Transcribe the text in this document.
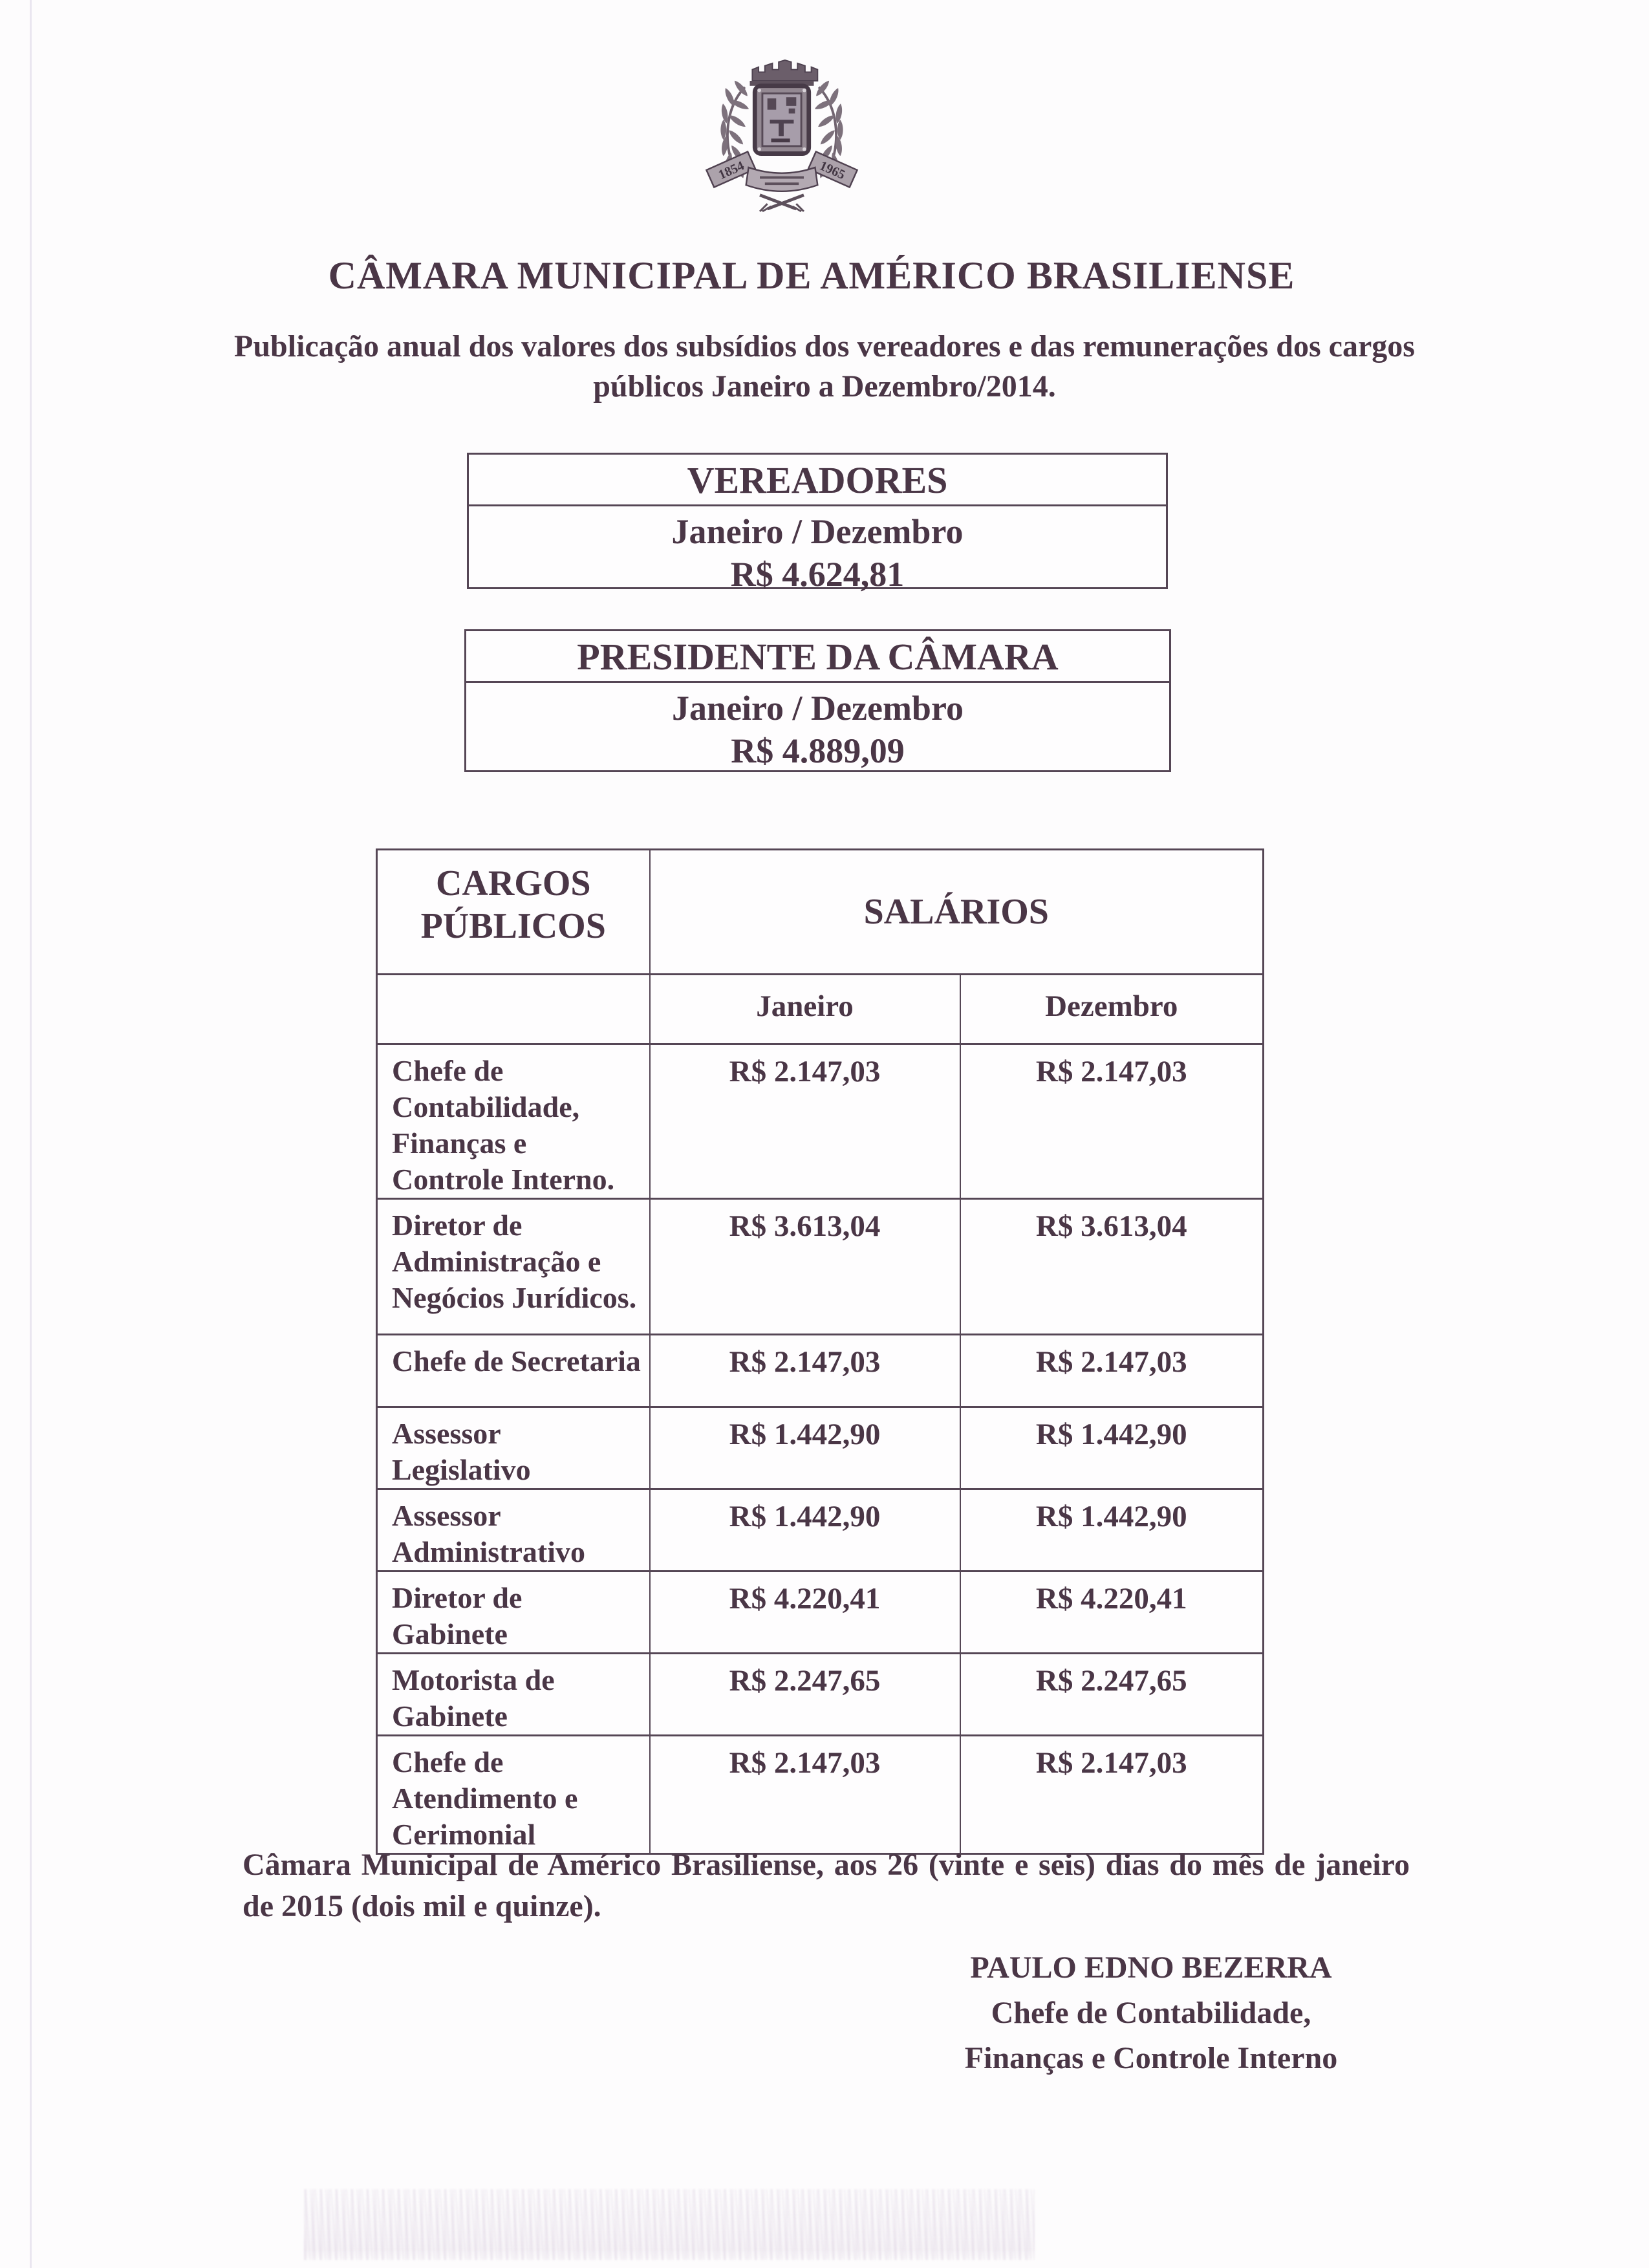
1854	1965
CÂMARA MUNICIPAL DE AMÉRICO BRASILIENSE
Publicação anual dos valores dos subsídios dos vereadores e das remunerações dos cargos públicos Janeiro a Dezembro/2014.
VEREADORES
Janeiro / Dezembro
R$ 4.624,81
PRESIDENTE DA CÂMARA
Janeiro / Dezembro
R$ 4.889,09
CARGOS PÚBLICOS	SALÁRIOS	
	Janeiro	Dezembro
Chefe de Contabilidade, Finanças e Controle Interno.	R$ 2.147,03	R$ 2.147,03
Diretor de Administração e Negócios Jurídicos.	R$ 3.613,04	R$ 3.613,04
Chefe de Secretaria	R$ 2.147,03	R$ 2.147,03
Assessor Legislativo	R$ 1.442,90	R$ 1.442,90
Assessor Administrativo	R$ 1.442,90	R$ 1.442,90
Diretor de Gabinete	R$ 4.220,41	R$ 4.220,41
Motorista de Gabinete	R$ 2.247,65	R$ 2.247,65
Chefe de Atendimento e Cerimonial	R$ 2.147,03	R$ 2.147,03
Câmara Municipal de Américo Brasiliense, aos 26 (vinte e seis) dias do mês de janeiro de 2015 (dois mil e quinze).
PAULO EDNO BEZERRA
Chefe de Contabilidade,
Finanças e Controle Interno
